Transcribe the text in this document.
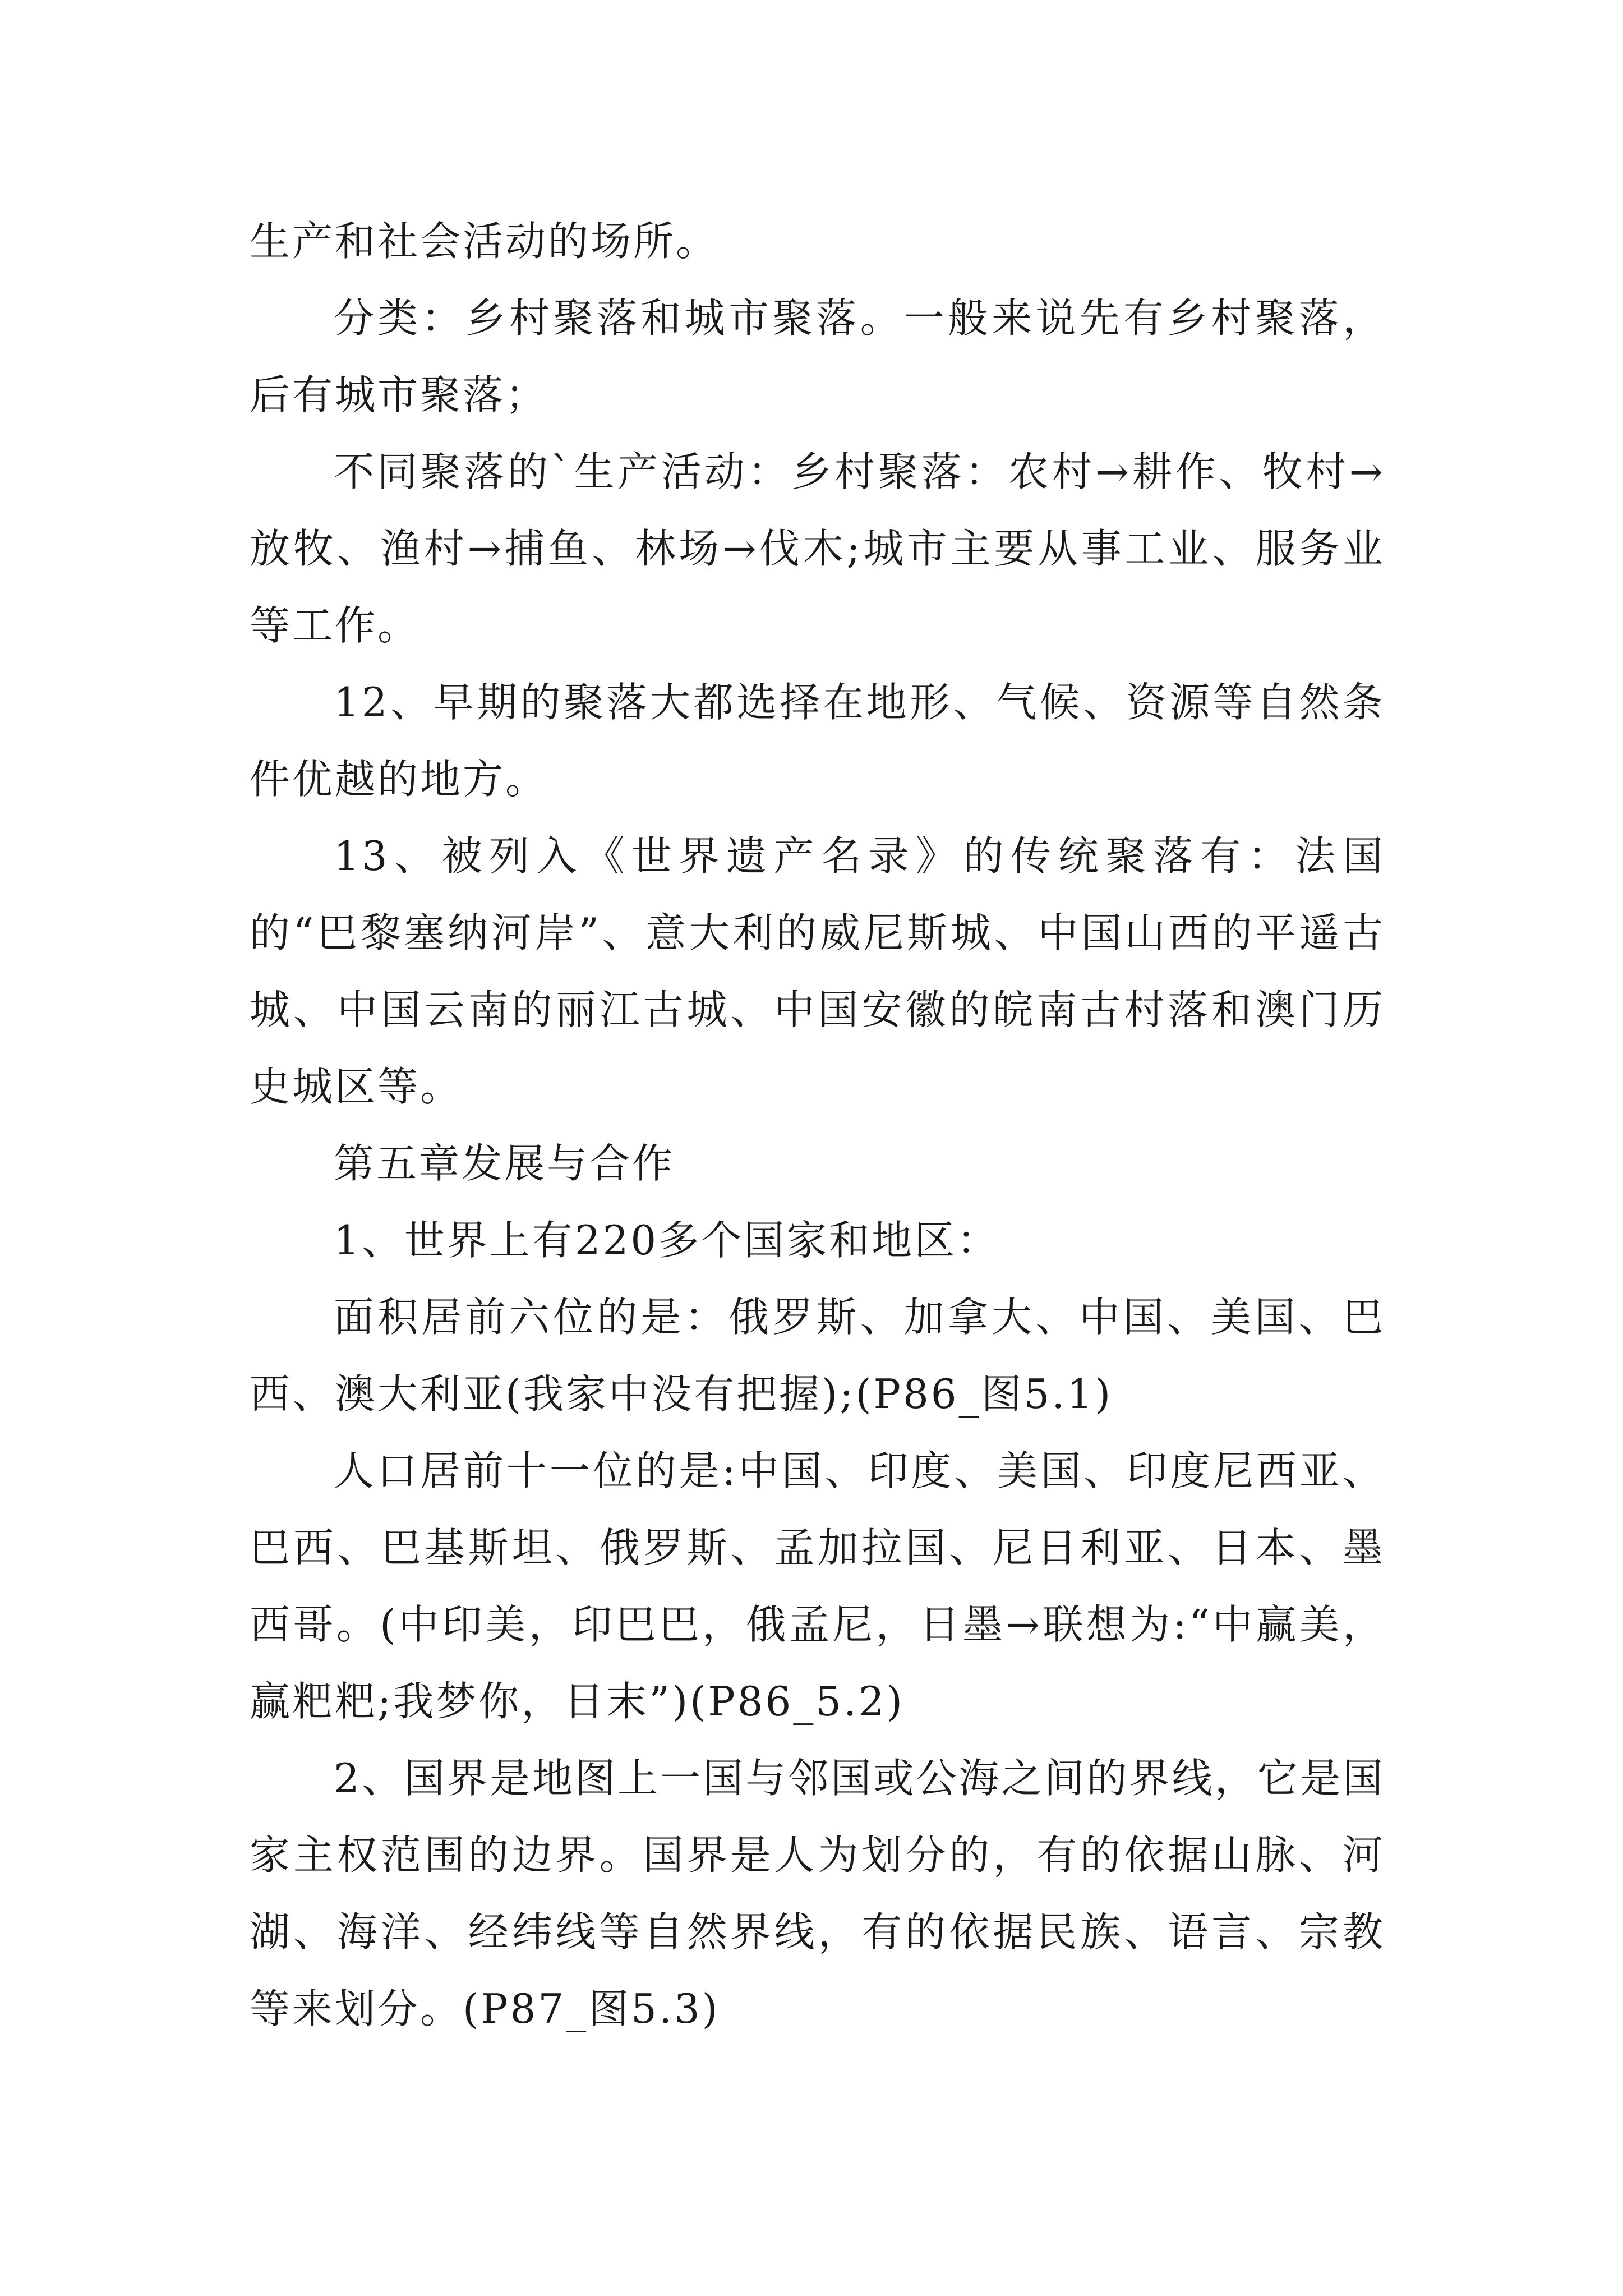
生产和社会活动的场所。

分类：乡村聚落和城市聚落。一般来说先有乡村聚落，后有城市聚落；

不同聚落的`生产活动：乡村聚落：农村→耕作、牧村→放牧、渔村→捕鱼、林场→伐木;城市主要从事工业、服务业等工作。

12、早期的聚落大都选择在地形、气候、资源等自然条件优越的地方。

13、被列入《世界遗产名录》的传统聚落有：法国的“巴黎塞纳河岸”、意大利的威尼斯城、中国山西的平遥古城、中国云南的丽江古城、中国安徽的皖南古村落和澳门历史城区等。

第五章发展与合作

1、世界上有220多个国家和地区：

面积居前六位的是：俄罗斯、加拿大、中国、美国、巴西、澳大利亚(我家中没有把握);(P86_图5.1)

人口居前十一位的是:中国、印度、美国、印度尼西亚、巴西、巴基斯坦、俄罗斯、孟加拉国、尼日利亚、日本、墨西哥。(中印美，印巴巴，俄孟尼，日墨→联想为:“中赢美，赢粑粑;我梦你，日末”)(P86_5.2)

2、国界是地图上一国与邻国或公海之间的界线，它是国家主权范围的边界。国界是人为划分的，有的依据山脉、河湖、海洋、经纬线等自然界线，有的依据民族、语言、宗教等来划分。(P87_图5.3)
